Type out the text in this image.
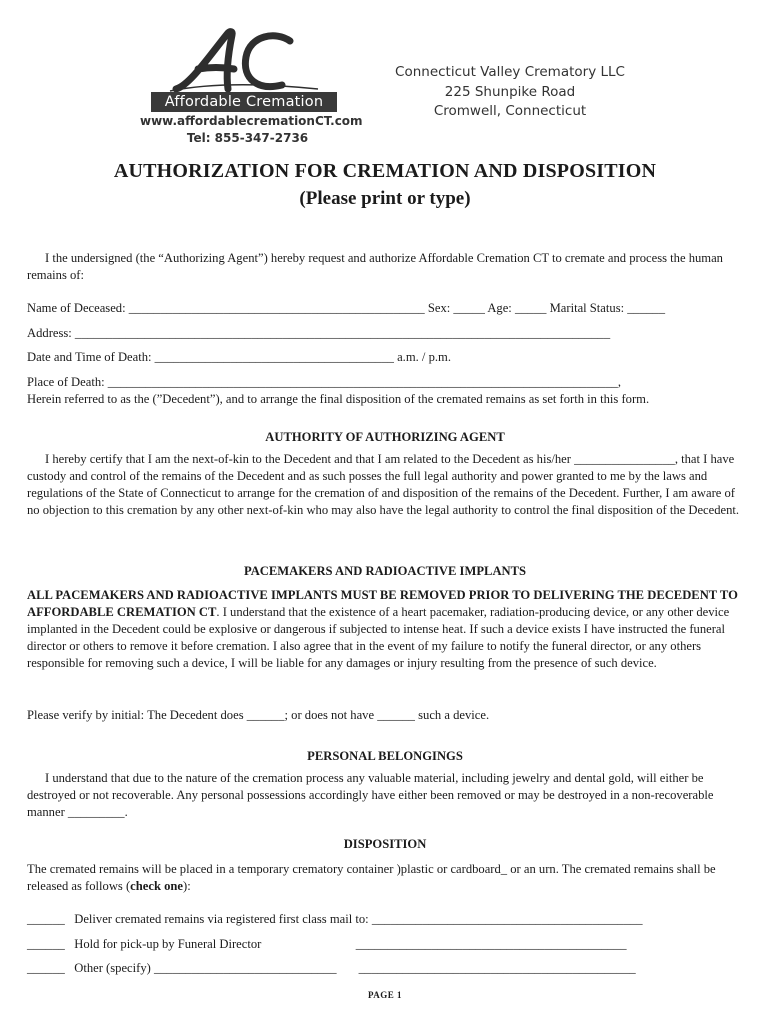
Affordable Cremation
www.affordablecremationCT.com
Tel: 855-347-2736
Connecticut Valley Crematory LLC
225 Shunpike Road
Cromwell, Connecticut
AUTHORIZATION FOR CREMATION AND DISPOSITION
(Please print or type)
I the undersigned (the “Authorizing Agent”) hereby request and authorize Affordable Cremation CT to cremate and process the human remains of:
Name of Deceased: _______________________________________________ Sex: _____ Age: _____ Marital Status: ______
Address: _____________________________________________________________________________________
Date and Time of Death: ______________________________________ a.m. / p.m.
Place of Death: _________________________________________________________________________________,
Herein referred to as the (”Decedent”), and to arrange the final disposition of the cremated remains as set forth in this form.
AUTHORITY OF AUTHORIZING AGENT
I hereby certify that I am the next-of-kin to the Decedent and that I am related to the Decedent as his/her ________________, that I have custody and control of the remains of the Decedent and as such posses the full legal authority and power granted to me by the laws and regulations of the State of Connecticut to arrange for the cremation of and disposition of the remains of the Decedent. Further, I am aware of no objection to this cremation by any other next-of-kin who may also have the legal authority to control the final disposition of the Decedent.
PACEMAKERS AND RADIOACTIVE IMPLANTS
ALL PACEMAKERS AND RADIOACTIVE IMPLANTS MUST BE REMOVED PRIOR TO DELIVERING THE DECEDENT TO AFFORDABLE CREMATION CT. I understand that the existence of a heart pacemaker, radiation-producing device, or any other device implanted in the Decedent could be explosive or dangerous if subjected to intense heat. If such a device exists I have instructed the funeral director or others to remove it before cremation. I also agree that in the event of my failure to notify the funeral director, or any others responsible for removing such a device, I will be liable for any damages or injury resulting from the presence of such device.
Please verify by initial: The Decedent does ______; or does not have ______ such a device.
PERSONAL BELONGINGS
I understand that due to the nature of the cremation process any valuable material, including jewelry and dental gold, will either be destroyed or not recoverable. Any personal possessions accordingly have either been removed or may be destroyed in a non-recoverable manner _________.
DISPOSITION
The cremated remains will be placed in a temporary crematory container )plastic or cardboard_ or an urn. The cremated remains shall be released as follows (check one):
______   Deliver cremated remains via registered first class mail to: ___________________________________________
______   Hold for pick-up by Funeral Director                              ___________________________________________
______   Other (specify) _____________________________       ____________________________________________
PAGE 1
